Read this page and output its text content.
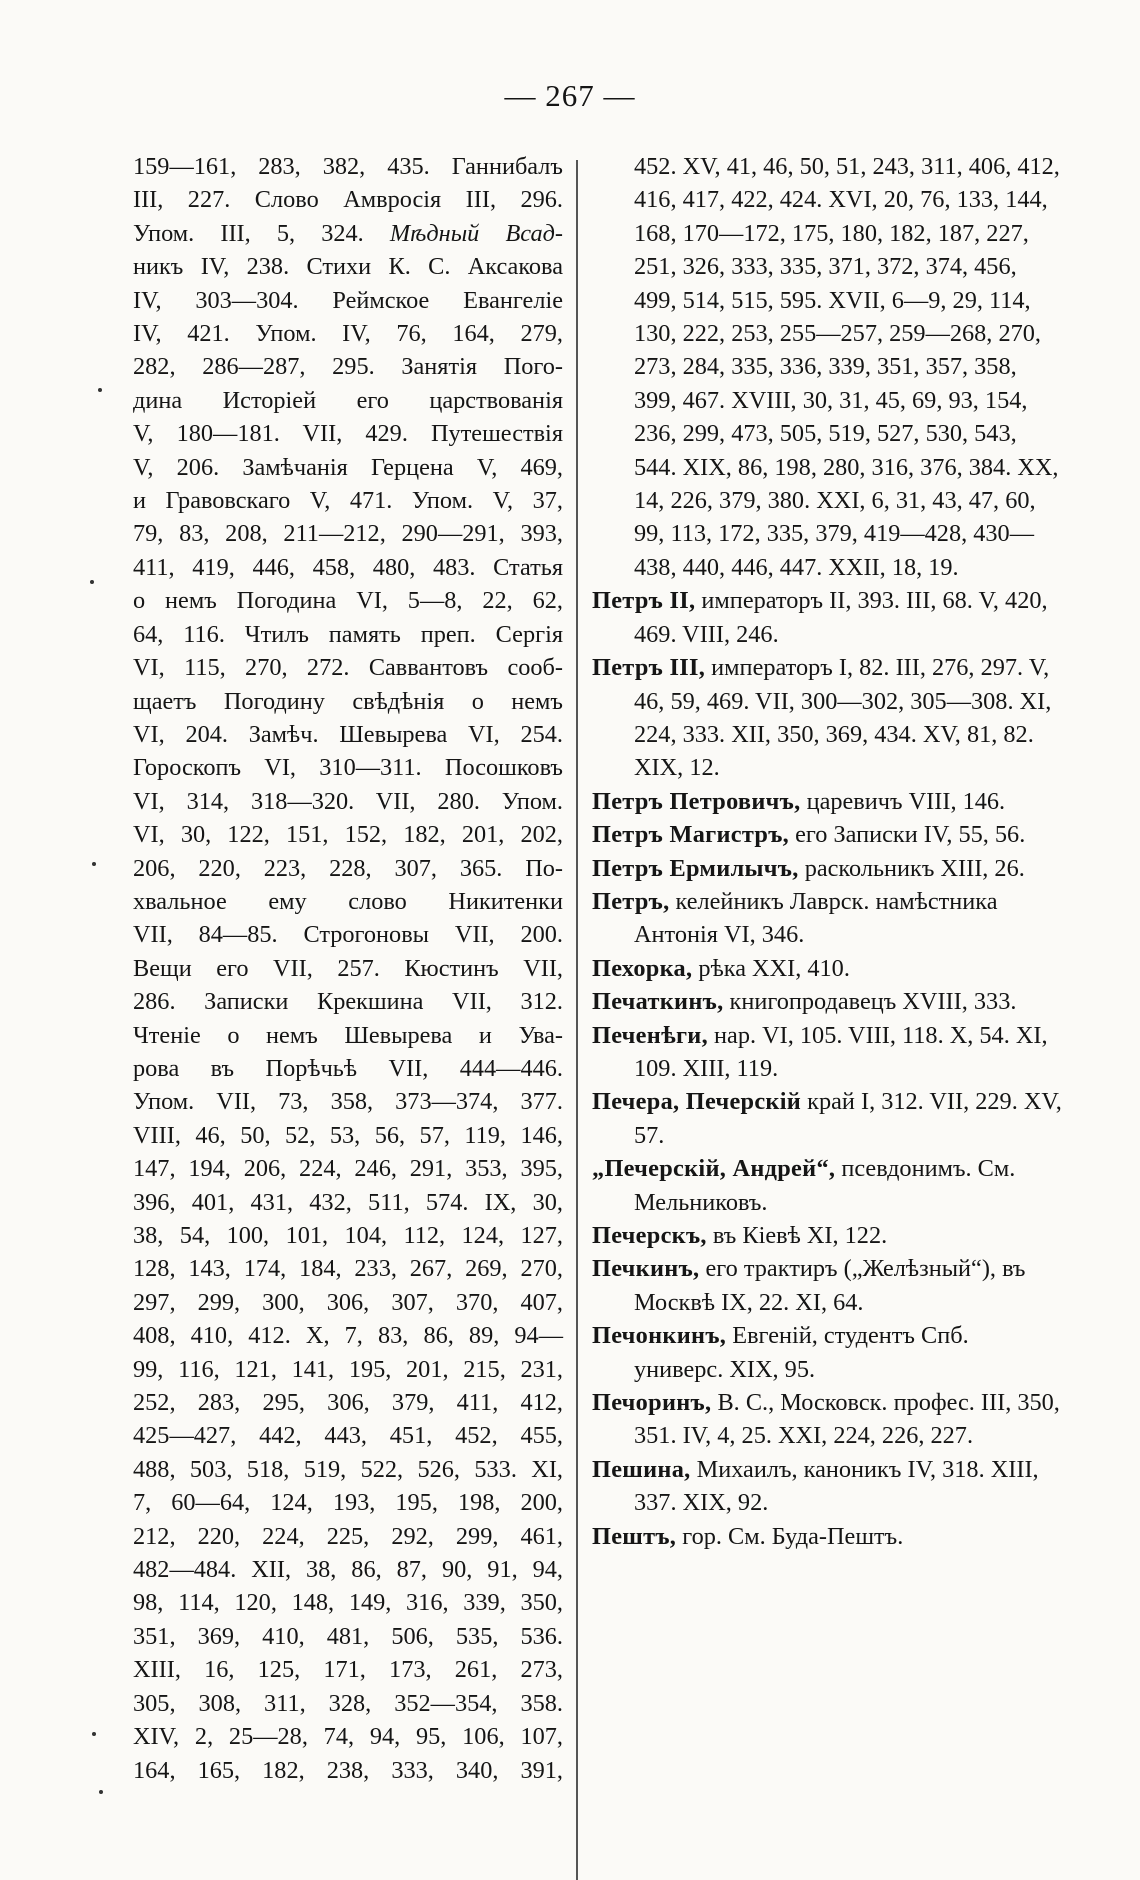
— 267 —
159—161, 283, 382, 435. Ганнибалъ
III, 227. Слово Амвросія III, 296.
Упом. III, 5, 324. Мѣдный Всад-
никъ IV, 238. Стихи К. С. Аксакова
IV, 303—304. Реймское Евангеліе
IV, 421. Упом. IV, 76, 164, 279,
282, 286—287, 295. Занятія Пого-
дина Исторіей его царствованія
V, 180—181. VII, 429. Путешествія
V, 206. Замѣчанія Герцена V, 469,
и Гравовскаго V, 471. Упом. V, 37,
79, 83, 208, 211—212, 290—291, 393,
411, 419, 446, 458, 480, 483. Статья
о немъ Погодина VI, 5—8, 22, 62,
64, 116. Чтилъ память преп. Сергія
VI, 115, 270, 272. Саввантовъ сооб-
щаетъ Погодину свѣдѣнія о немъ
VI, 204. Замѣч. Шевырева VI, 254.
Гороскопъ VI, 310—311. Посошковъ
VI, 314, 318—320. VII, 280. Упом.
VI, 30, 122, 151, 152, 182, 201, 202,
206, 220, 223, 228, 307, 365. По-
хвальное ему слово Никитенки
VII, 84—85. Строгоновы VII, 200.
Вещи его VII, 257. Кюстинъ VII,
286. Записки Крекшина VII, 312.
Чтеніе о немъ Шевырева и Ува-
рова въ Порѣчьѣ VII, 444—446.
Упом. VII, 73, 358, 373—374, 377.
VIII, 46, 50, 52, 53, 56, 57, 119, 146,
147, 194, 206, 224, 246, 291, 353, 395,
396, 401, 431, 432, 511, 574. IX, 30,
38, 54, 100, 101, 104, 112, 124, 127,
128, 143, 174, 184, 233, 267, 269, 270,
297, 299, 300, 306, 307, 370, 407,
408, 410, 412. X, 7, 83, 86, 89, 94—
99, 116, 121, 141, 195, 201, 215, 231,
252, 283, 295, 306, 379, 411, 412,
425—427, 442, 443, 451, 452, 455,
488, 503, 518, 519, 522, 526, 533. XI,
7, 60—64, 124, 193, 195, 198, 200,
212, 220, 224, 225, 292, 299, 461,
482—484. XII, 38, 86, 87, 90, 91, 94,
98, 114, 120, 148, 149, 316, 339, 350,
351, 369, 410, 481, 506, 535, 536.
XIII, 16, 125, 171, 173, 261, 273,
305, 308, 311, 328, 352—354, 358.
XIV, 2, 25—28, 74, 94, 95, 106, 107,
164, 165, 182, 238, 333, 340, 391,
452. XV, 41, 46, 50, 51, 243, 311, 406, 412, 416, 417, 422, 424. XVI, 20, 76, 133, 144, 168, 170—172, 175, 180, 182, 187, 227, 251, 326, 333, 335, 371, 372, 374, 456, 499, 514, 515, 595. XVII, 6—9, 29, 114, 130, 222, 253, 255—257, 259—268, 270, 273, 284, 335, 336, 339, 351, 357, 358, 399, 467. XVIII, 30, 31, 45, 69, 93, 154, 236, 299, 473, 505, 519, 527, 530, 543, 544. XIX, 86, 198, 280, 316, 376, 384. XX, 14, 226, 379, 380. XXI, 6, 31, 43, 47, 60, 99, 113, 172, 335, 379, 419—428, 430—438, 440, 446, 447. XXII, 18, 19.
Петръ II, императоръ II, 393. III, 68. V, 420, 469. VIII, 246.
Петръ III, императоръ I, 82. III, 276, 297. V, 46, 59, 469. VII, 300—302, 305—308. XI, 224, 333. XII, 350, 369, 434. XV, 81, 82. XIX, 12.
Петръ Петровичъ, царевичъ VIII, 146.
Петръ Магистръ, его Записки IV, 55, 56.
Петръ Ермилычъ, раскольникъ XIII, 26.
Петръ, келейникъ Лаврск. намѣстника Антонія VI, 346.
Пехорка, рѣка XXI, 410.
Печаткинъ, книгопродавецъ XVIII, 333.
Печенѣги, нар. VI, 105. VIII, 118. X, 54. XI, 109. XIII, 119.
Печера, Печерскій край I, 312. VII, 229. XV, 57.
„Печерскій, Андрей“, псевдонимъ. См. Мельниковъ.
Печерскъ, въ Кіевѣ XI, 122.
Печкинъ, его трактиръ („Желѣзный“), въ Москвѣ IX, 22. XI, 64.
Печонкинъ, Евгеній, студентъ Спб. универс. XIX, 95.
Печоринъ, В. С., Московск. профес. III, 350, 351. IV, 4, 25. XXI, 224, 226, 227.
Пешина, Михаилъ, каноникъ IV, 318. XIII, 337. XIX, 92.
Пештъ, гор. См. Буда-Пештъ.
